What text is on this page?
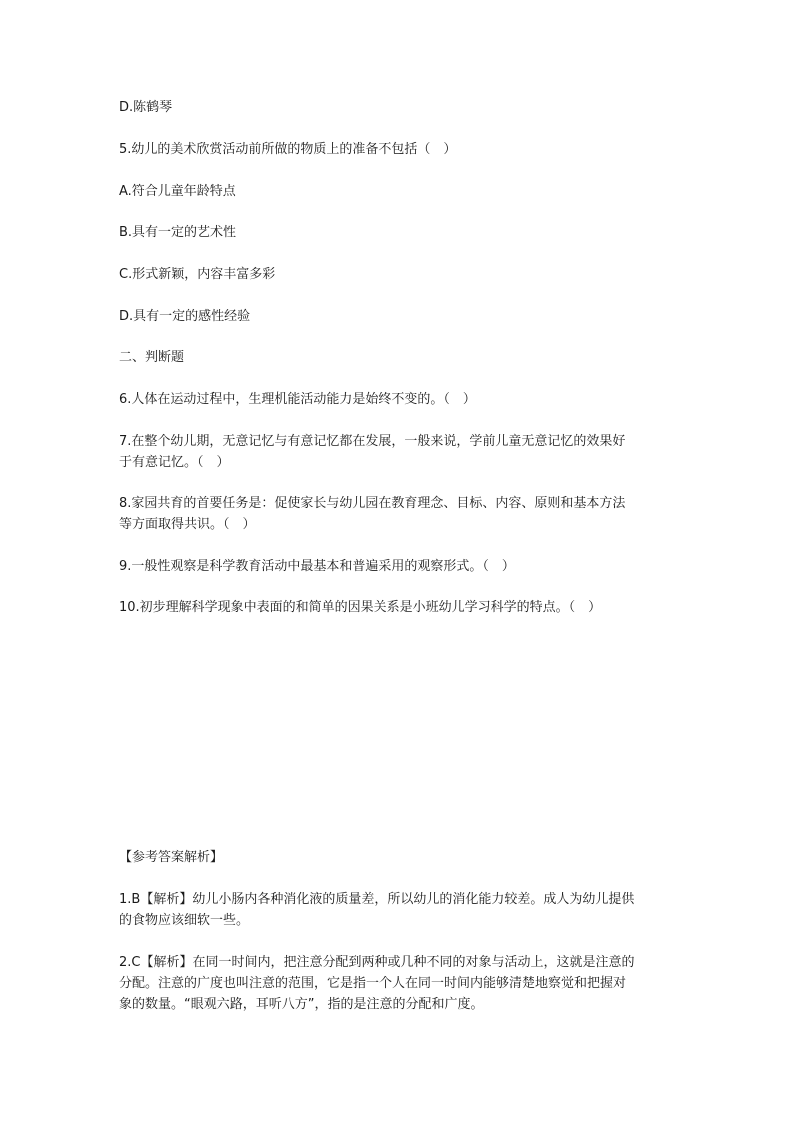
D.陈鹤琴
5.幼儿的美术欣赏活动前所做的物质上的准备不包括（　）
A.符合儿童年龄特点
B.具有一定的艺术性
C.形式新颖，内容丰富多彩
D.具有一定的感性经验
二、判断题
6.人体在运动过程中，生理机能活动能力是始终不变的。（　）
7.在整个幼儿期，无意记忆与有意记忆都在发展，一般来说，学前儿童无意记忆的效果好
于有意记忆。（　）
8.家园共育的首要任务是：促使家长与幼儿园在教育理念、目标、内容、原则和基本方法
等方面取得共识。（　）
9.一般性观察是科学教育活动中最基本和普遍采用的观察形式。（　）
10.初步理解科学现象中表面的和简单的因果关系是小班幼儿学习科学的特点。（　）
【参考答案解析】
1.B【解析】幼儿小肠内各种消化液的质量差，所以幼儿的消化能力较差。成人为幼儿提供
的食物应该细软一些。
2.C【解析】在同一时间内，把注意分配到两种或几种不同的对象与活动上，这就是注意的
分配。注意的广度也叫注意的范围，它是指一个人在同一时间内能够清楚地察觉和把握对
象的数量。“眼观六路，耳听八方”，指的是注意的分配和广度。
